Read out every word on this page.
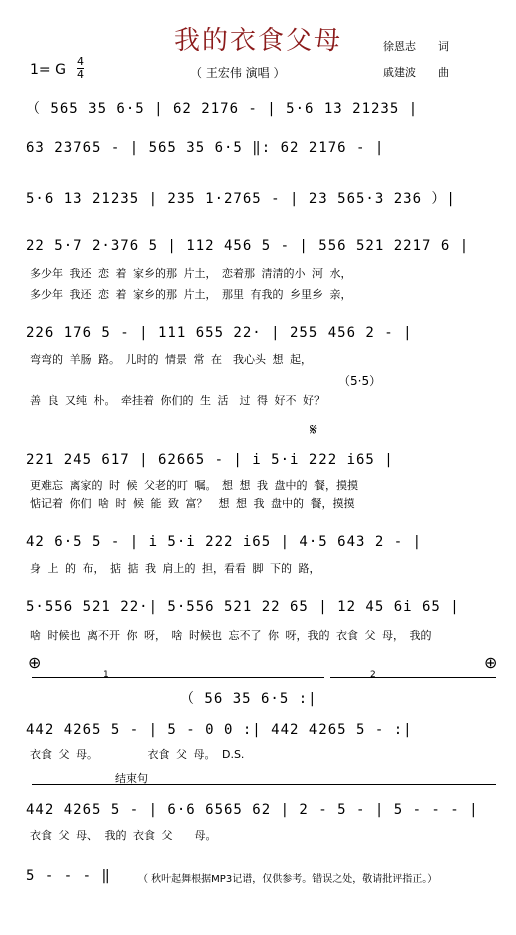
我的衣食父母
1= G $\frac{4}{4}$	（ 王宏伟 演唱 ）
徐恩志　　词
戚建波　　曲
（ 565 35 6·5 | 62 2176 - | 5·6 13 21235 |
63 23765 - | 565 35 6·5 ‖: 62 2176 - |
5·6 13 21235 | 235 1·2765 - | 23 565·3 236 ）|
22 5·7 2·376 5 | 112 456 5 - | 556 521 2217 6 |
多少年 我还 恋 着 家乡的那 片土，　恋着那 清清的小 河 水，
多少年 我还 恋 着 家乡的那 片土，　那里 有我的 乡里乡 亲，
226 176 5 - | 111 655 22· | 255 456 2 - |
弯弯的 羊肠 路。　儿时的 情景 常 在　我心头 想 起，
（5·5）
善 良 又纯 朴。　牵挂着 你们的 生 活　过 得 好不 好？
𝄋
221 245 617 | 62665 - | i 5·i 222 i65 |
更难忘 离家的 时 候 父老的叮 嘱。　想 想 我 盘中的 餐，摸摸
惦记着 你们 啥 时 候 能 致 富？　想 想 我 盘中的 餐，摸摸
42 6·5 5 - | i 5·i 222 i65 | 4·5 643 2 - |
身 上 的 布，　掂 掂 我 肩上的 担，看看 脚 下的 路，
5·556 521 22·| 5·556 521 22 65 | 12 45 6i 65 |
啥 时候也 离不开 你 呀，　啥 时候也 忘不了 你 呀，我的 衣食 父 母，　我的
⊕	⊕
1	2
（ 56 35 6·5 :|
442 4265 5 - | 5 - 0 0 :| 442 4265 5 - :|
衣食 父 母。　　　　　衣食 父 母。 D.S.
结束句
442 4265 5 - | 6·6 6565 62 | 2 - 5 - | 5 - - - |
衣食 父 母、 我的 衣食 父　　母。
5 - - - ‖	（ 秋叶起舞根据MP3记谱，仅供参考。错误之处，敬请批评指正。）
